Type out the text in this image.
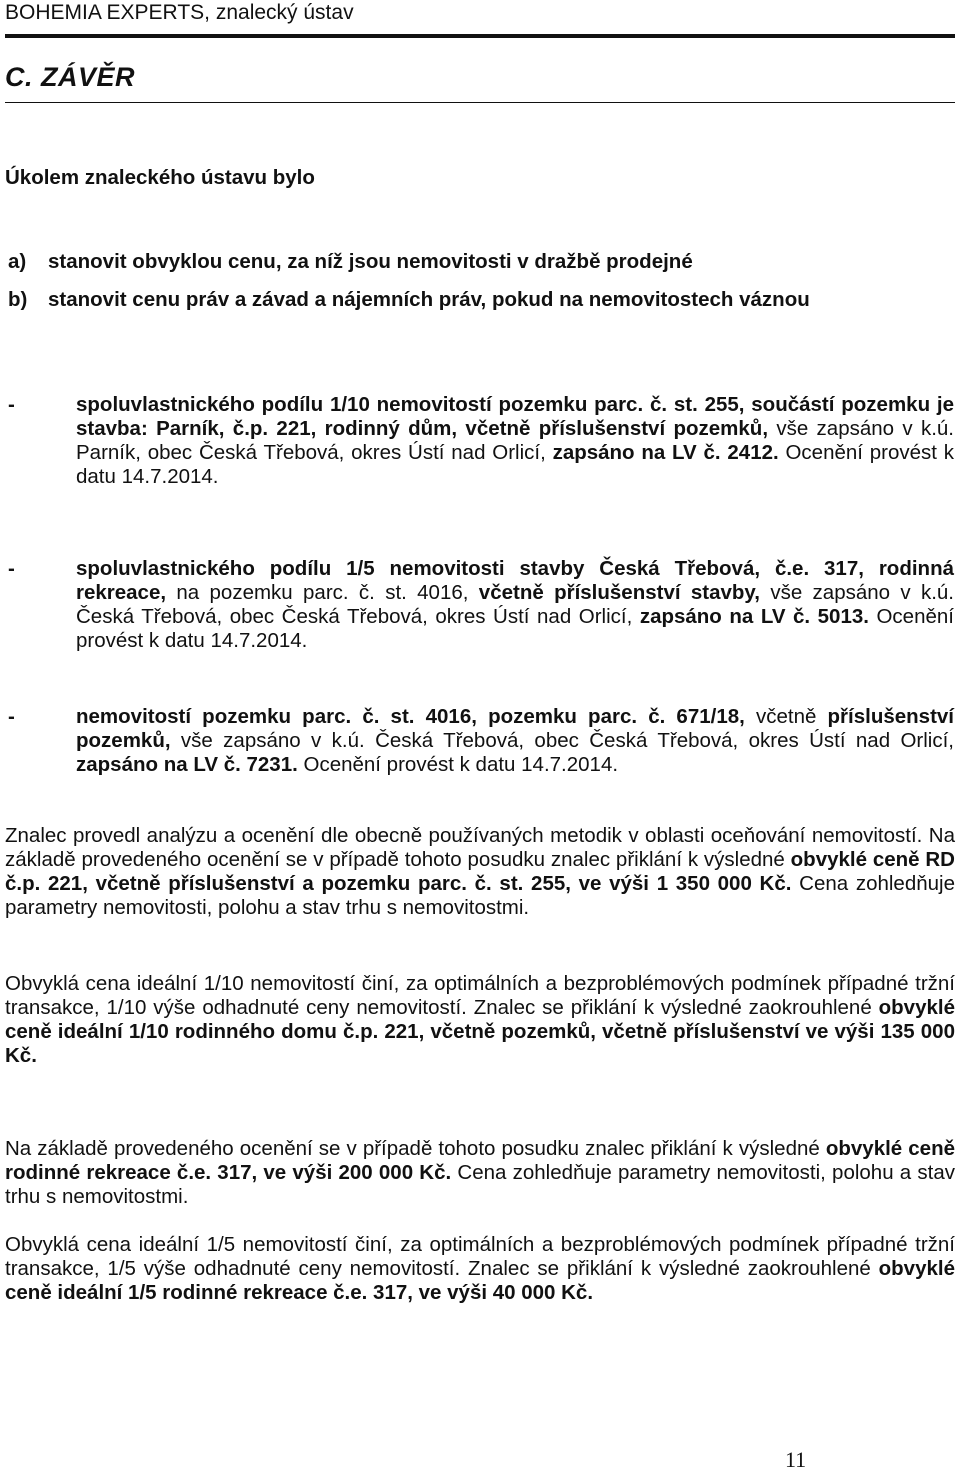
BOHEMIA EXPERTS, znalecký ústav
C. ZÁVĚR

Úkolem znaleckého ústavu bylo

a)	stanovit obvyklou cenu, za níž jsou nemovitosti v dražbě prodejné
b)	stanovit cenu práv a závad a nájemních práv, pokud na nemovitostech váznou
-	spoluvlastnického podílu 1/10 nemovitostí pozemku parc. č. st. 255, součástí pozemku je stavba: Parník, č.p. 221, rodinný dům, včetně příslušenství pozemků, vše zapsáno v k.ú. Parník, obec Česká Třebová, okres Ústí nad Orlicí, zapsáno na LV č. 2412. Ocenění provést k datu 14.7.2014.
-	spoluvlastnického podílu 1/5 nemovitosti stavby Česká Třebová, č.e. 317, rodinná rekreace, na pozemku parc. č. st. 4016, včetně příslušenství stavby, vše zapsáno v k.ú. Česká Třebová, obec Česká Třebová, okres Ústí nad Orlicí, zapsáno na LV č. 5013. Ocenění provést k datu 14.7.2014.
-	nemovitostí pozemku parc. č. st. 4016, pozemku parc. č. 671/18, včetně příslušenství pozemků, vše zapsáno v k.ú. Česká Třebová, obec Česká Třebová, okres Ústí nad Orlicí, zapsáno na LV č. 7231. Ocenění provést k datu 14.7.2014.

Znalec provedl analýzu a ocenění dle obecně používaných metodik v oblasti oceňování nemovitostí. Na základě provedeného ocenění se v případě tohoto posudku znalec přiklání k výsledné obvyklé ceně RD č.p. 221, včetně příslušenství a pozemku parc. č. st. 255, ve výši 1 350 000 Kč. Cena zohledňuje parametry nemovitosti, polohu a stav trhu s nemovitostmi.

Obvyklá cena ideální 1/10 nemovitostí činí, za optimálních a bezproblémových podmínek případné tržní transakce, 1/10 výše odhadnuté ceny nemovitostí. Znalec se přiklání k výsledné zaokrouhlené obvyklé ceně ideální 1/10 rodinného domu č.p. 221, včetně pozemků, včetně příslušenství ve výši 135 000 Kč.

Na základě provedeného ocenění se v případě tohoto posudku znalec přiklání k výsledné obvyklé ceně rodinné rekreace č.e. 317, ve výši 200 000 Kč. Cena zohledňuje parametry nemovitosti, polohu a stav trhu s nemovitostmi.

Obvyklá cena ideální 1/5 nemovitostí činí, za optimálních a bezproblémových podmínek případné tržní transakce, 1/5 výše odhadnuté ceny nemovitostí. Znalec se přiklání k výsledné zaokrouhlené obvyklé ceně ideální 1/5 rodinné rekreace č.e. 317, ve výši 40 000 Kč.

11
